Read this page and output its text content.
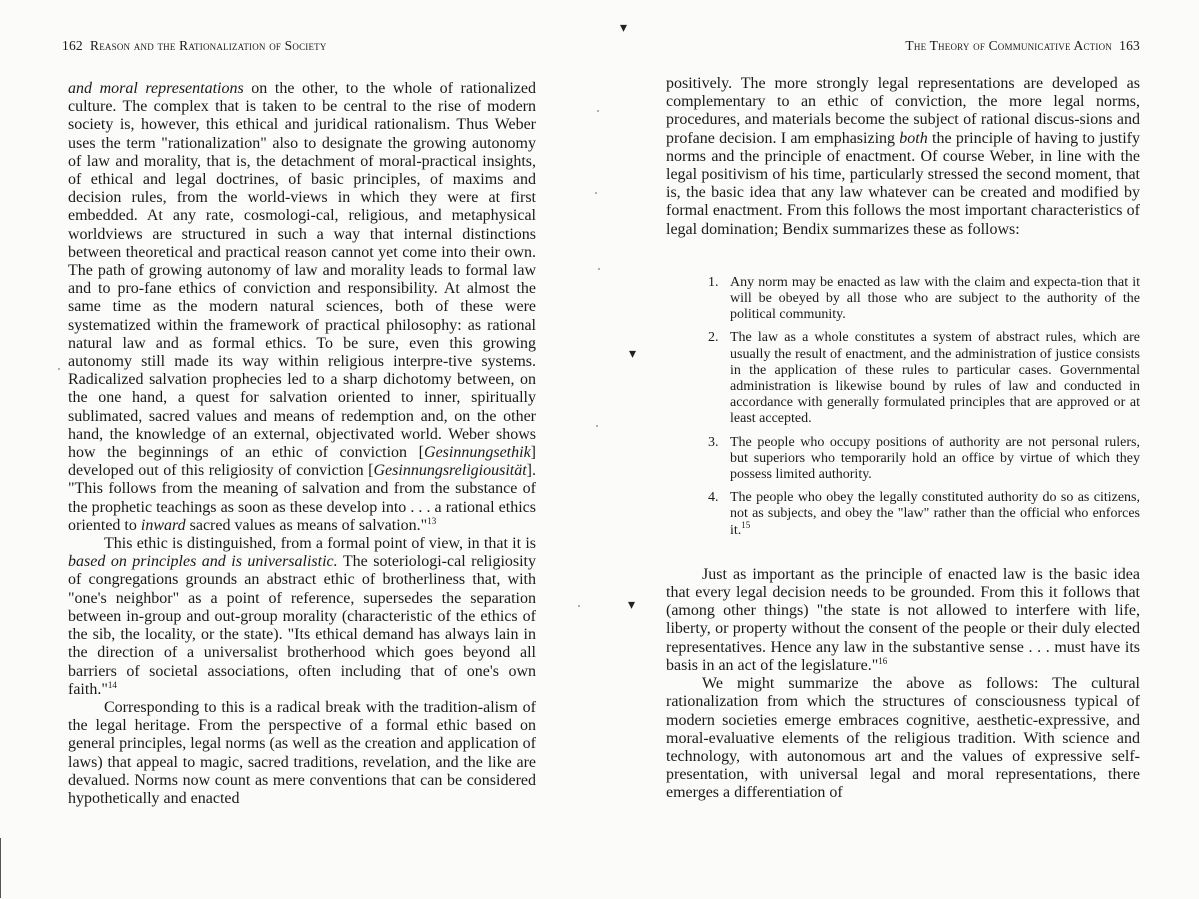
▾
▾
▾
162 Reason and the Rationalization of Society

and moral representations on the other, to the whole of rationalized culture. The complex that is taken to be central to the rise of modern society is, however, this ethical and juridical rationalism. Thus Weber uses the term "rationalization" also to designate the growing autonomy of law and morality, that is, the detachment of moral-practical insights, of ethical and legal doctrines, of basic principles, of maxims and decision rules, from the world-views in which they were at first embedded. At any rate, cosmologi-cal, religious, and metaphysical worldviews are structured in such a way that internal distinctions between theoretical and practical reason cannot yet come into their own. The path of growing autonomy of law and morality leads to formal law and to pro-fane ethics of conviction and responsibility. At almost the same time as the modern natural sciences, both of these were systematized within the framework of practical philosophy: as rational natural law and as formal ethics. To be sure, even this growing autonomy still made its way within religious interpre-tive systems. Radicalized salvation prophecies led to a sharp dichotomy between, on the one hand, a quest for salvation oriented to inner, spiritually sublimated, sacred values and means of redemption and, on the other hand, the knowledge of an external, objectivated world. Weber shows how the beginnings of an ethic of conviction [Gesinnungsethik] developed out of this religiosity of conviction [Gesinnungsreligiousität]. "This follows from the meaning of salvation and from the substance of the prophetic teachings as soon as these develop into . . . a rational ethics oriented to inward sacred values as means of salvation."$^{13}$

This ethic is distinguished, from a formal point of view, in that it is based on principles and is universalistic. The soteriologi-cal religiosity of congregations grounds an abstract ethic of brotherliness that, with "one's neighbor" as a point of reference, supersedes the separation between in-group and out-group morality (characteristic of the ethics of the sib, the locality, or the state). "Its ethical demand has always lain in the direction of a universalist brotherhood which goes beyond all barriers of societal associations, often including that of one's own faith."$^{14}$

Corresponding to this is a radical break with the tradition-alism of the legal heritage. From the perspective of a formal ethic based on general principles, legal norms (as well as the creation and application of laws) that appeal to magic, sacred traditions, revelation, and the like are devalued. Norms now count as mere conventions that can be considered hypothetically and enacted

The Theory of Communicative Action 163

positively. The more strongly legal representations are developed as complementary to an ethic of conviction, the more legal norms, procedures, and materials become the subject of rational discus-sions and profane decision. I am emphasizing both the principle of having to justify norms and the principle of enactment. Of course Weber, in line with the legal positivism of his time, particularly stressed the second moment, that is, the basic idea that any law whatever can be created and modified by formal enactment. From this follows the most important characteristics of legal domination; Bendix summarizes these as follows:

1. Any norm may be enacted as law with the claim and expecta-tion that it will be obeyed by all those who are subject to the authority of the political community.
2. The law as a whole constitutes a system of abstract rules, which are usually the result of enactment, and the administration of justice consists in the application of these rules to particular cases. Governmental administration is likewise bound by rules of law and conducted in accordance with generally formulated principles that are approved or at least accepted.
3. The people who occupy positions of authority are not personal rulers, but superiors who temporarily hold an office by virtue of which they possess limited authority.
4. The people who obey the legally constituted authority do so as citizens, not as subjects, and obey the "law" rather than the official who enforces it.$^{15}$

Just as important as the principle of enacted law is the basic idea that every legal decision needs to be grounded. From this it follows that (among other things) "the state is not allowed to interfere with life, liberty, or property without the consent of the people or their duly elected representatives. Hence any law in the substantive sense . . . must have its basis in an act of the legislature."$^{16}$

We might summarize the above as follows: The cultural rationalization from which the structures of consciousness typical of modern societies emerge embraces cognitive, aesthetic-expressive, and moral-evaluative elements of the religious tradition. With science and technology, with autonomous art and the values of expressive self-presentation, with universal legal and moral representations, there emerges a differentiation of
